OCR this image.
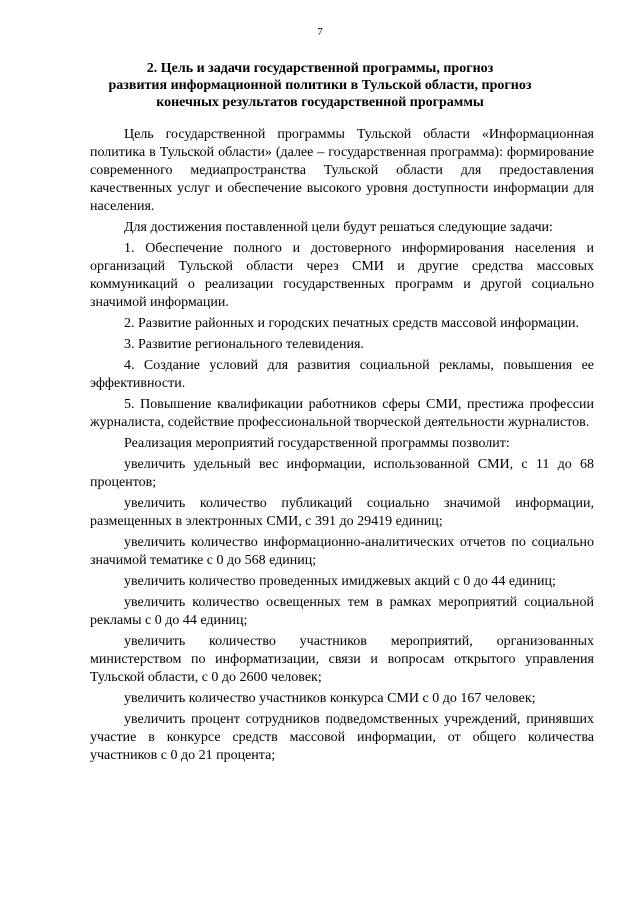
7
2. Цель и задачи государственной программы, прогноз
развития информационной политики в Тульской области, прогноз
конечных результатов государственной программы

Цель государственной программы Тульской области «Информационная политика в Тульской области» (далее – государственная программа): формирование современного медиапространства Тульской области для предоставления качественных услуг и обеспечение высокого уровня доступности информации для населения.

Для достижения поставленной цели будут решаться следующие задачи:

1. Обеспечение полного и достоверного информирования населения и организаций Тульской области через СМИ и другие средства массовых коммуникаций о реализации государственных программ и другой социально значимой информации.

2. Развитие районных и городских печатных средств массовой информации.

3. Развитие регионального телевидения.

4. Создание условий для развития социальной рекламы, повышения ее эффективности.

5. Повышение квалификации работников сферы СМИ, престижа профессии журналиста, содействие профессиональной творческой деятельности журналистов.

Реализация мероприятий государственной программы позволит:

увеличить удельный вес информации, использованной СМИ, с 11 до 68 процентов;

увеличить количество публикаций социально значимой информации, размещенных в электронных СМИ, с 391 до 29419 единиц;

увеличить количество информационно-аналитических отчетов по социально значимой тематике с 0 до 568 единиц;

увеличить количество проведенных имиджевых акций с 0 до 44 единиц;

увеличить количество освещенных тем в рамках мероприятий социальной рекламы с 0 до 44 единиц;

увеличить количество участников мероприятий, организованных министерством по информатизации, связи и вопросам открытого управления Тульской области, с 0 до 2600 человек;

увеличить количество участников конкурса СМИ с 0 до 167 человек;

увеличить процент сотрудников подведомственных учреждений, принявших участие в конкурсе средств массовой информации, от общего количества участников с 0 до 21 процента;
